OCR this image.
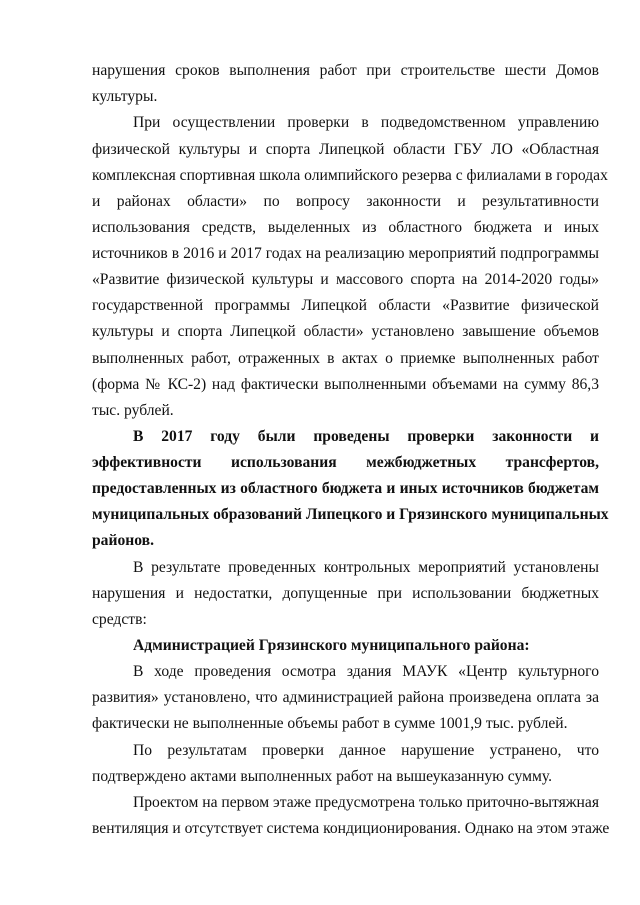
нарушения сроков выполнения работ при строительстве шести Домов

культуры.

При осуществлении проверки в подведомственном управлению

физической культуры и спорта Липецкой области ГБУ ЛО «Областная

комплексная спортивная школа олимпийского резерва с филиалами в городах

и районах области» по вопросу законности и результативности

использования средств, выделенных из областного бюджета и иных

источников в 2016 и 2017 годах на реализацию мероприятий подпрограммы

«Развитие физической культуры и массового спорта на 2014-2020 годы»

государственной программы Липецкой области «Развитие физической

культуры и спорта Липецкой области» установлено завышение объемов

выполненных работ, отраженных в актах о приемке выполненных работ

(форма № КС-2) над фактически выполненными объемами на сумму 86,3

тыс. рублей.

В 2017 году были проведены проверки законности и

эффективности использования межбюджетных трансфертов,

предоставленных из областного бюджета и иных источников бюджетам

муниципальных образований Липецкого и Грязинского муниципальных

районов.

В результате проведенных контрольных мероприятий установлены

нарушения и недостатки, допущенные при использовании бюджетных

средств:

Администрацией Грязинского муниципального района:

В ходе проведения осмотра здания МАУК «Центр культурного

развития» установлено, что администрацией района произведена оплата за

фактически не выполненные объемы работ в сумме 1001,9 тыс. рублей.

По результатам проверки данное нарушение устранено, что

подтверждено актами выполненных работ на вышеуказанную сумму.

Проектом на первом этаже предусмотрена только приточно-вытяжная

вентиляция и отсутствует система кондиционирования. Однако на этом этаже
